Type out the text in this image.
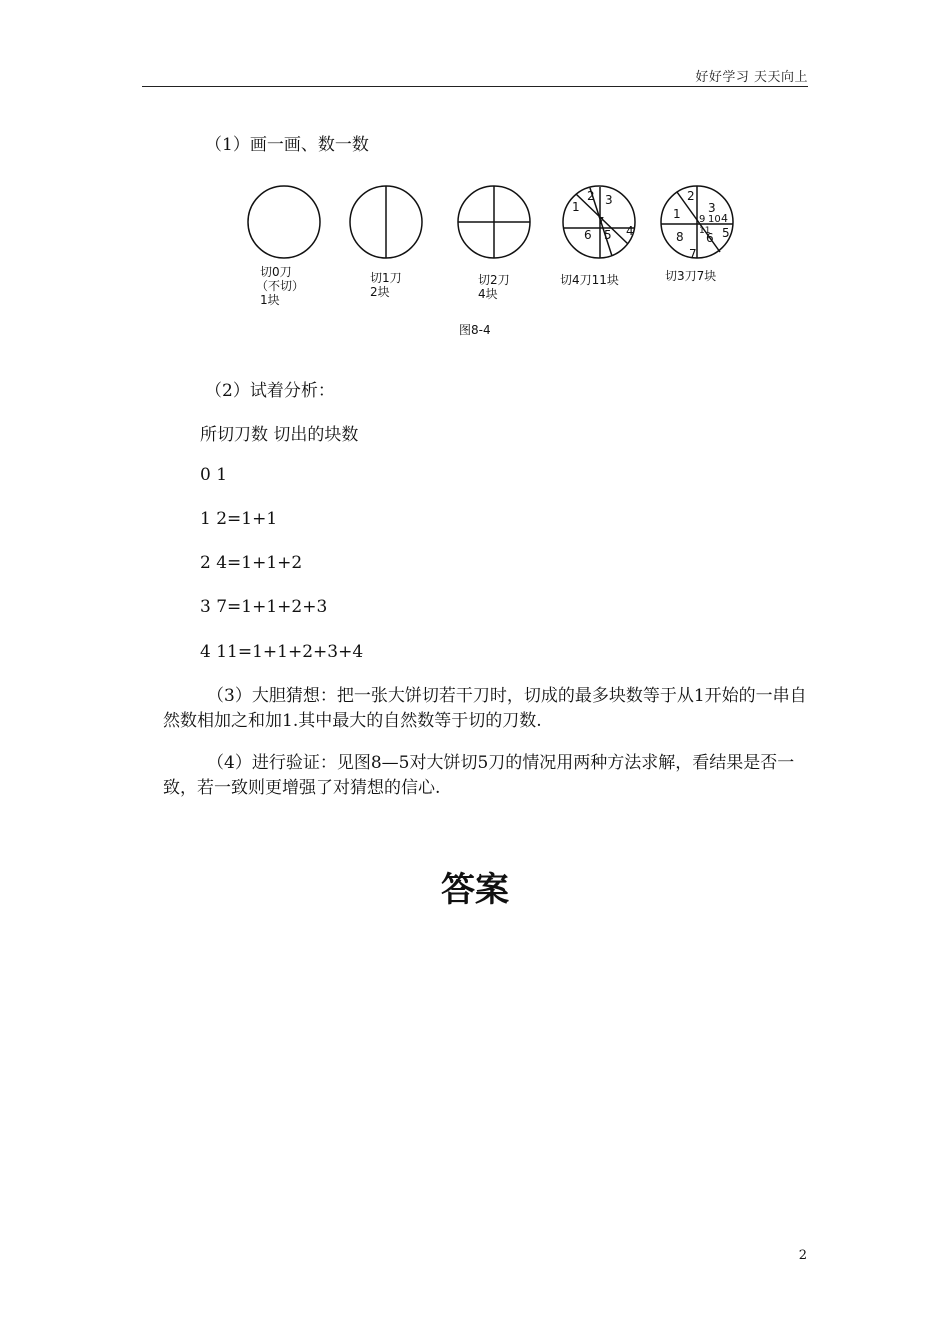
好好学习 天天向上
（1）画一画、数一数
1
2 3
7
6 5 4
1
2
3
9 10 4
11
8 6 5
7
切0刀
（不切）
1块
切1刀
2块
切2刀
4块
切4刀11块	切3刀7块
图8-4
（2）试着分析：
所切刀数 切出的块数
0 1
1 2=1+1
2 4=1+1+2
3 7=1+1+2+3
4 11=1+1+2+3+4
（3）大胆猜想：把一张大饼切若干刀时，切成的最多块数等于从1开始的一串自然数相加之和加1.其中最大的自然数等于切的刀数.
（4）进行验证：见图8—5对大饼切5刀的情况用两种方法求解，看结果是否一致，若一致则更增强了对猜想的信心.
答案
2
